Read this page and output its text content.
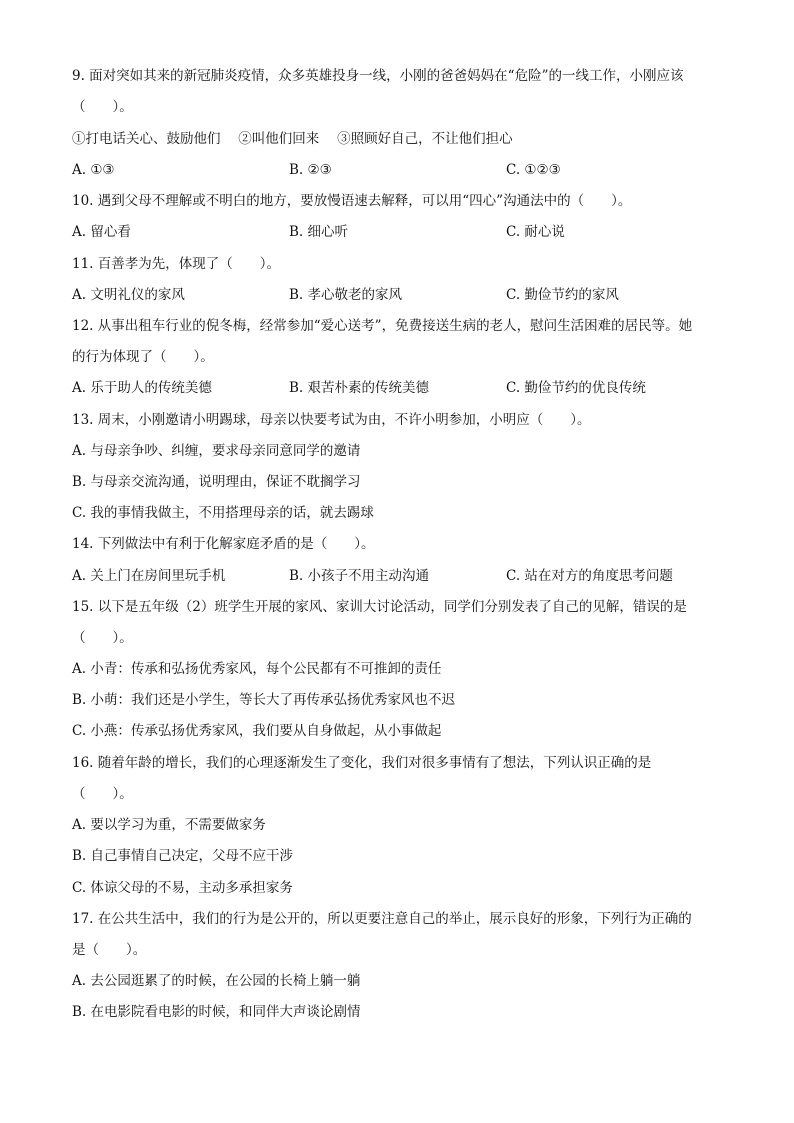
9. 面对突如其来的新冠肺炎疫情，众多英雄投身一线，小刚的爸爸妈妈在“危险”的一线工作，小刚应该
（　　）。
①打电话关心、鼓励他们　 ②叫他们回来　 ③照顾好自己，不让他们担心
A. ①③	B. ②③	C. ①②③
10. 遇到父母不理解或不明白的地方，要放慢语速去解释，可以用“四心”沟通法中的（　　）。
A. 留心看	B. 细心听	C. 耐心说
11. 百善孝为先，体现了（　　）。
A. 文明礼仪的家风	B. 孝心敬老的家风	C. 勤俭节约的家风
12. 从事出租车行业的倪冬梅，经常参加“爱心送考”，免费接送生病的老人，慰问生活困难的居民等。她
的行为体现了（　　）。
A. 乐于助人的传统美德	B. 艰苦朴素的传统美德	C. 勤俭节约的优良传统
13. 周末，小刚邀请小明踢球，母亲以快要考试为由，不许小明参加，小明应（　　）。
A. 与母亲争吵、纠缠，要求母亲同意同学的邀请
B. 与母亲交流沟通，说明理由，保证不耽搁学习
C. 我的事情我做主，不用搭理母亲的话，就去踢球
14. 下列做法中有利于化解家庭矛盾的是（　　）。
A. 关上门在房间里玩手机	B. 小孩子不用主动沟通	C. 站在对方的角度思考问题
15. 以下是五年级（2）班学生开展的家风、家训大讨论活动，同学们分别发表了自己的见解，错误的是
（　　）。
A. 小青：传承和弘扬优秀家风，每个公民都有不可推卸的责任
B. 小萌：我们还是小学生，等长大了再传承弘扬优秀家风也不迟
C. 小燕：传承弘扬优秀家风，我们要从自身做起，从小事做起
16. 随着年龄的增长，我们的心理逐渐发生了变化，我们对很多事情有了想法，下列认识正确的是
（　　）。
A. 要以学习为重，不需要做家务
B. 自己事情自己决定，父母不应干涉
C. 体谅父母的不易，主动多承担家务
17. 在公共生活中，我们的行为是公开的，所以更要注意自己的举止，展示良好的形象，下列行为正确的
是（　　）。
A. 去公园逛累了的时候，在公园的长椅上躺一躺
B. 在电影院看电影的时候，和同伴大声谈论剧情
